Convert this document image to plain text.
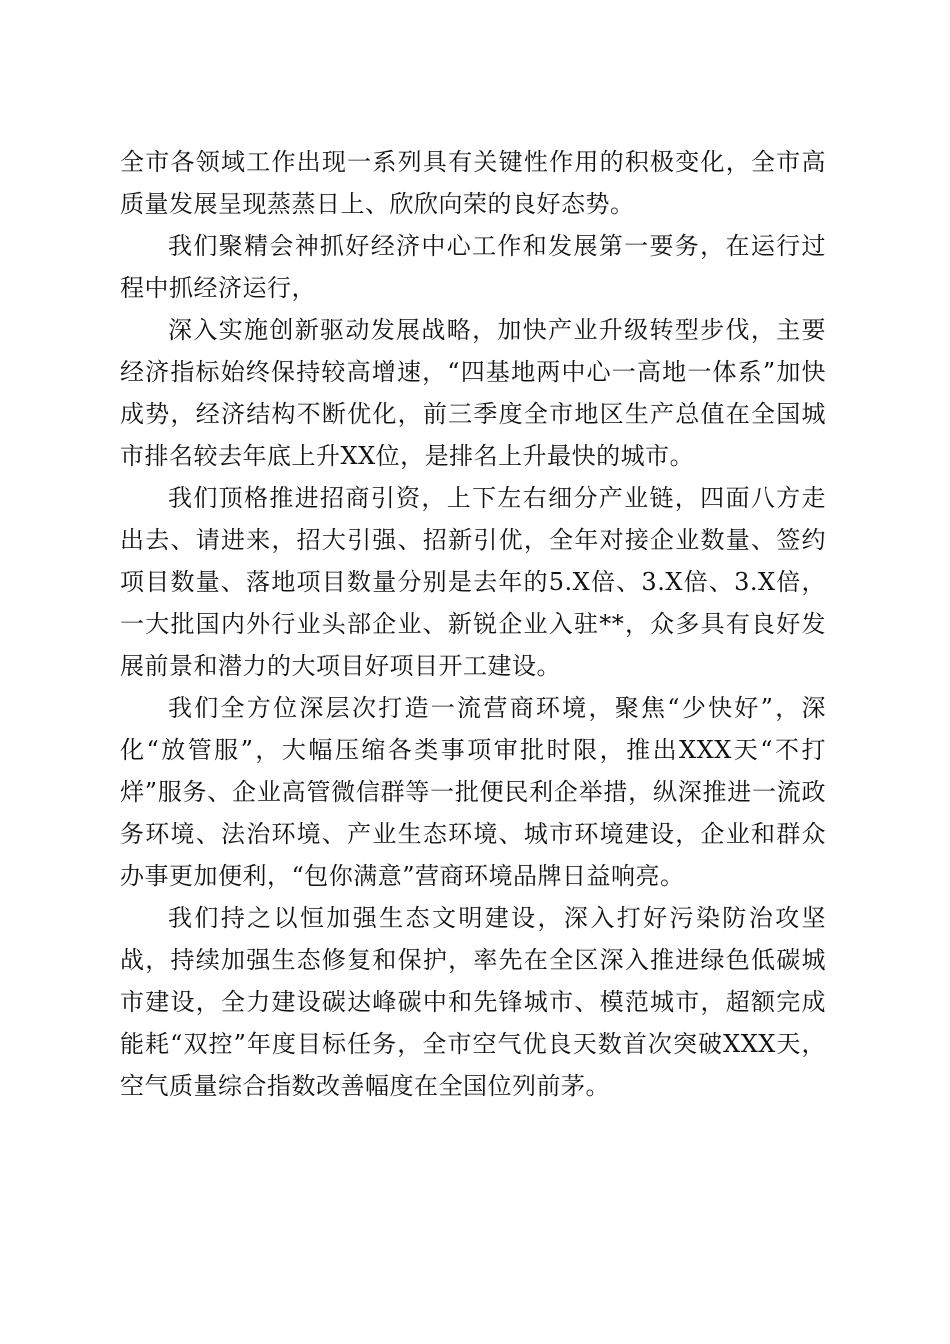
全市各领域工作出现一系列具有关键性作用的积极变化，全市高质量发展呈现蒸蒸日上、欣欣向荣的良好态势。

我们聚精会神抓好经济中心工作和发展第一要务，在运行过程中抓经济运行，

深入实施创新驱动发展战略，加快产业升级转型步伐，主要经济指标始终保持较高增速，“四基地两中心一高地一体系”加快成势，经济结构不断优化，前三季度全市地区生产总值在全国城市排名较去年底上升XX位，是排名上升最快的城市。

我们顶格推进招商引资，上下左右细分产业链，四面八方走出去、请进来，招大引强、招新引优，全年对接企业数量、签约项目数量、落地项目数量分别是去年的5.X倍、3.X倍、3.X倍，一大批国内外行业头部企业、新锐企业入驻**，众多具有良好发展前景和潜力的大项目好项目开工建设。

我们全方位深层次打造一流营商环境，聚焦“少快好”，深化“放管服”，大幅压缩各类事项审批时限，推出XXX天“不打烊”服务、企业高管微信群等一批便民利企举措，纵深推进一流政务环境、法治环境、产业生态环境、城市环境建设，企业和群众办事更加便利，“包你满意”营商环境品牌日益响亮。

我们持之以恒加强生态文明建设，深入打好污染防治攻坚战，持续加强生态修复和保护，率先在全区深入推进绿色低碳城市建设，全力建设碳达峰碳中和先锋城市、模范城市，超额完成能耗“双控”年度目标任务，全市空气优良天数首次突破XXX天，空气质量综合指数改善幅度在全国位列前茅。
